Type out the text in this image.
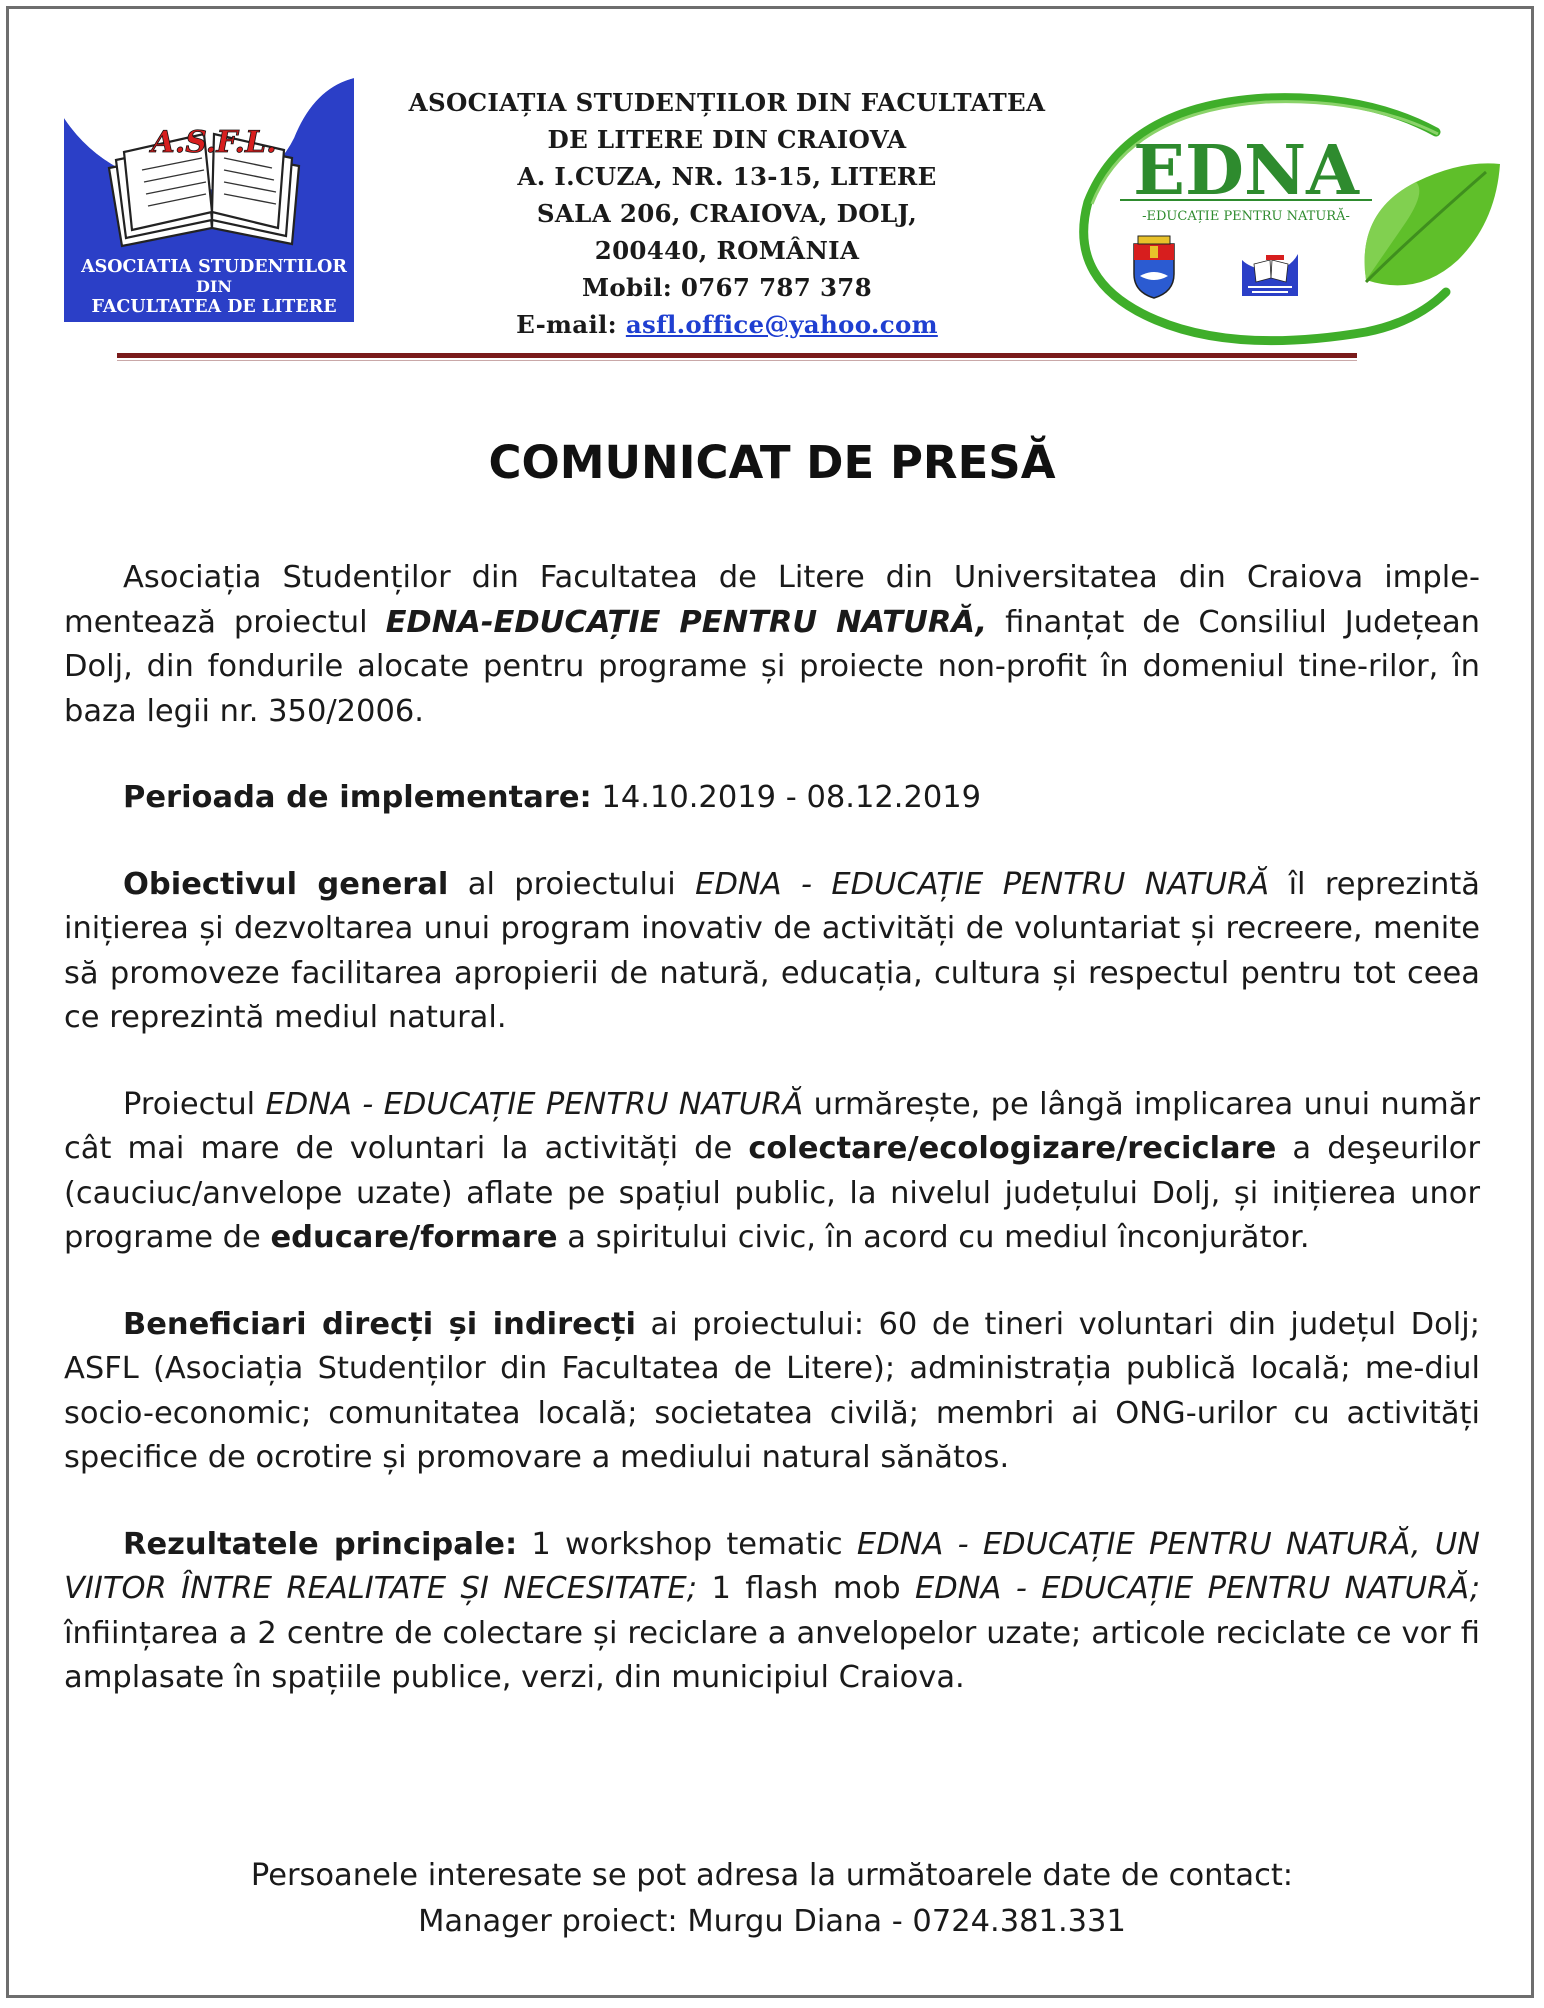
A.S.F.L.
ASOCIATIA STUDENTILOR
DIN
FACULTATEA DE LITERE
ASOCIAȚIA STUDENȚILOR DIN FACULTATEA
DE LITERE DIN CRAIOVA
A. I.CUZA, NR. 13-15, LITERE
SALA 206, CRAIOVA, DOLJ,
200440, ROMÂNIA
Mobil: 0767 787 378
E-mail: asfl.office@yahoo.com
EDNA
-EDUCAȚIE PENTRU NATURĂ-
COMUNICAT DE PRESĂ

Asociația Studenților din Facultatea de Litere din Universitatea din Craiova imple-mentează proiectul EDNA-EDUCAȚIE PENTRU NATURĂ, finanțat de Consiliul Județean Dolj, din fondurile alocate pentru programe și proiecte non-profit în domeniul tine-rilor, în baza legii nr. 350/2006.

Perioada de implementare: 14.10.2019 - 08.12.2019

Obiectivul general al proiectului EDNA - EDUCAȚIE PENTRU NATURĂ îl reprezintă inițierea și dezvoltarea unui program inovativ de activități de voluntariat și recreere, menite să promoveze facilitarea apropierii de natură, educația, cultura și respectul pentru tot ceea ce reprezintă mediul natural.

Proiectul EDNA - EDUCAȚIE PENTRU NATURĂ urmărește, pe lângă implicarea unui număr cât mai mare de voluntari la activități de colectare/ecologizare/reciclare a deşeurilor (cauciuc/anvelope uzate) aflate pe spațiul public, la nivelul județului Dolj, și inițierea unor programe de educare/formare a spiritului civic, în acord cu mediul înconjurător.

Beneficiari direcți și indirecți ai proiectului: 60 de tineri voluntari din județul Dolj; ASFL (Asociația Studenților din Facultatea de Litere); administrația publică locală; me-diul socio-economic; comunitatea locală; societatea civilă; membri ai ONG-urilor cu activități specifice de ocrotire și promovare a mediului natural sănătos.

Rezultatele principale: 1 workshop tematic EDNA - EDUCAȚIE PENTRU NATURĂ, UN VIITOR ÎNTRE REALITATE ȘI NECESITATE; 1 flash mob EDNA - EDUCAȚIE PENTRU NATURĂ; înființarea a 2 centre de colectare și reciclare a anvelopelor uzate; articole reciclate ce vor fi amplasate în spațiile publice, verzi, din municipiul Craiova.

Persoanele interesate se pot adresa la următoarele date de contact:
Manager proiect: Murgu Diana - 0724.381.331
